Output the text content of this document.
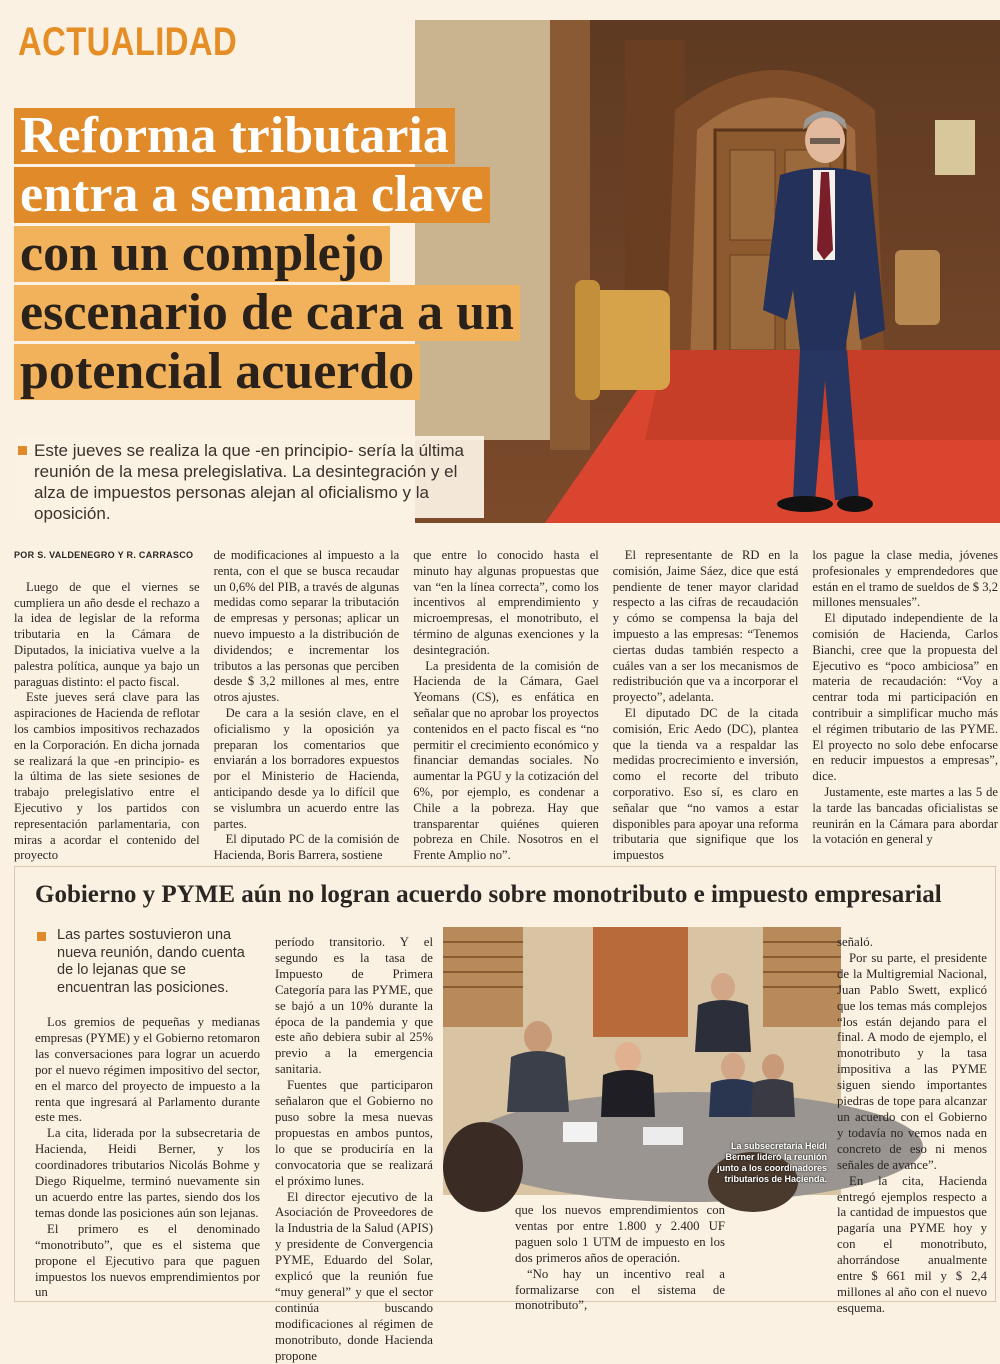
ACTUALIDAD
Reforma tributaria
entra a semana clave
con un complejo
escenario de cara a un
potencial acuerdo
Este jueves se realiza la que -en principio- sería la última reunión de la mesa prelegislativa. La desintegración y el alza de impuestos personas alejan al oficialismo y la oposición.
POR S. VALDENEGRO Y R. CARRASCO

Luego de que el viernes se cumpliera un año desde el rechazo a la idea de legislar de la reforma tributaria en la Cámara de Diputados, la iniciativa vuelve a la palestra política, aunque ya bajo un paraguas distinto: el pacto fiscal.

Este jueves será clave para las aspiraciones de Hacienda de reflotar los cambios impositivos rechazados en la Corporación. En dicha jornada se realizará la que -en principio- es la última de las siete sesiones de trabajo prelegislativo entre el Ejecutivo y los partidos con representación parlamentaria, con miras a acordar el contenido del proyecto

de modificaciones al impuesto a la renta, con el que se busca recaudar un 0,6% del PIB, a través de algunas medidas como separar la tributación de empresas y personas; aplicar un nuevo impuesto a la distribución de dividendos; e incrementar los tributos a las personas que perciben desde $ 3,2 millones al mes, entre otros ajustes.

De cara a la sesión clave, en el oficialismo y la oposición ya preparan los comentarios que enviarán a los borradores expuestos por el Ministerio de Hacienda, anticipando desde ya lo difícil que se vislumbra un acuerdo entre las partes.

El diputado PC de la comisión de Hacienda, Boris Barrera, sostiene

que entre lo conocido hasta el minuto hay algunas propuestas que van “en la línea correcta”, como los incentivos al emprendimiento y microempresas, el monotributo, el término de algunas exenciones y la desintegración.

La presidenta de la comisión de Hacienda de la Cámara, Gael Yeomans (CS), es enfática en señalar que no aprobar los proyectos contenidos en el pacto fiscal es “no permitir el crecimiento económico y financiar demandas sociales. No aumentar la PGU y la cotización del 6%, por ejemplo, es condenar a Chile a la pobreza. Hay que transparentar quiénes quieren pobreza en Chile. Nosotros en el Frente Amplio no”.

El representante de RD en la comisión, Jaime Sáez, dice que está pendiente de tener mayor claridad respecto a las cifras de recaudación y cómo se compensa la baja del impuesto a las empresas: “Tenemos ciertas dudas también respecto a cuáles van a ser los mecanismos de redistribución que va a incorporar el proyecto”, adelanta.

El diputado DC de la citada comisión, Eric Aedo (DC), plantea que la tienda va a respaldar las medidas procrecimiento e inversión, como el recorte del tributo corporativo. Eso sí, es claro en señalar que “no vamos a estar disponibles para apoyar una reforma tributaria que signifique que los impuestos

los pague la clase media, jóvenes profesionales y emprendedores que están en el tramo de sueldos de $ 3,2 millones mensuales”.

El diputado independiente de la comisión de Hacienda, Carlos Bianchi, cree que la propuesta del Ejecutivo es “poco ambiciosa” en materia de recaudación: “Voy a centrar toda mi participación en contribuir a simplificar mucho más el régimen tributario de las PYME. El proyecto no solo debe enfocarse en reducir impuestos a empresas”, dice.

Justamente, este martes a las 5 de la tarde las bancadas oficialistas se reunirán en la Cámara para abordar la votación en general y

Gobierno y PYME aún no logran acuerdo sobre monotributo e impuesto empresarial
Las partes sostuvieron una nueva reunión, dando cuenta de lo lejanas que se encuentran las posiciones.

Los gremios de pequeñas y medianas empresas (PYME) y el Gobierno retomaron las conversaciones para lograr un acuerdo por el nuevo régimen impositivo del sector, en el marco del proyecto de impuesto a la renta que ingresará al Parlamento durante este mes.

La cita, liderada por la subsecretaria de Hacienda, Heidi Berner, y los coordinadores tributarios Nicolás Bohme y Diego Riquelme, terminó nuevamente sin un acuerdo entre las partes, siendo dos los temas donde las posiciones aún son lejanas.

El primero es el denominado “monotributo”, que es el sistema que propone el Ejecutivo para que paguen impuestos los nuevos emprendimientos por un

período transitorio. Y el segundo es la tasa de Impuesto de Primera Categoría para las PYME, que se bajó a un 10% durante la época de la pandemia y que este año debiera subir al 25% previo a la emergencia sanitaria.

Fuentes que participaron señalaron que el Gobierno no puso sobre la mesa nuevas propuestas en ambos puntos, lo que se produciría en la convocatoria que se realizará el próximo lunes.

El director ejecutivo de la Asociación de Proveedores de la Industria de la Salud (APIS) y presidente de Convergencia PYME, Eduardo del Solar, explicó que la reunión fue “muy general” y que el sector continúa buscando modificaciones al régimen de monotributo, donde Hacienda propone

La subsecretaria Heidi Berner lideró la reunión junto a los coordinadores tributarios de Hacienda.

que los nuevos emprendimientos con ventas por entre 1.800 y 2.400 UF paguen solo 1 UTM de impuesto en los dos primeros años de operación.

“No hay un incentivo real a formalizarse con el sistema de monotributo”,

señaló.

Por su parte, el presidente de la Multigremial Nacional, Juan Pablo Swett, explicó que los temas más complejos “los están dejando para el final. A modo de ejemplo, el monotributo y la tasa impositiva a las PYME siguen siendo importantes piedras de tope para alcanzar un acuerdo con el Gobierno y todavía no vemos nada en concreto de eso ni menos señales de avance”.

En la cita, Hacienda entregó ejemplos respecto a la cantidad de impuestos que pagaría una PYME hoy y con el monotributo, ahorrándose anualmente entre $ 661 mil y $ 2,4 millones al año con el nuevo esquema.
